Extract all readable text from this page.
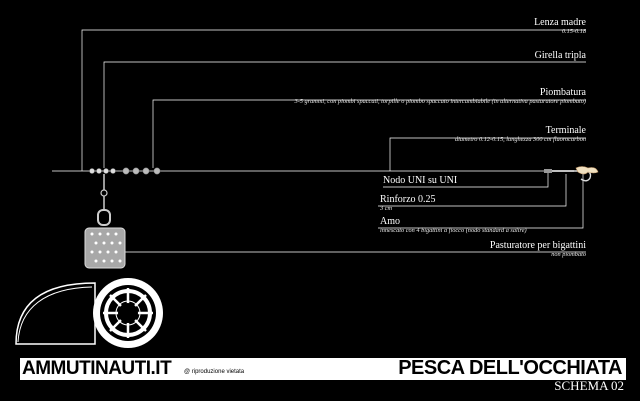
Lenza madre
0.15-0.18
Girella tripla
Piombatura
3-5 grammi, con piombi spaccati, torpille o piombo spaccato intercambiabile (in alternativa pasturatore piombato)
Terminale
diametro 0.12-0.15, lunghezza 300 cm fluorocarbon
Pasturatore per bigattini
non piombato
Nodo UNI su UNI
Rinforzo 0.25
3 cm
Amo
innescato con 4 bigattini a fiocco (nodo standard a salire)
AMMUTINAUTI.IT @ riproduzione vietata	PESCA DELL'OCCHIATA
SCHEMA 02
